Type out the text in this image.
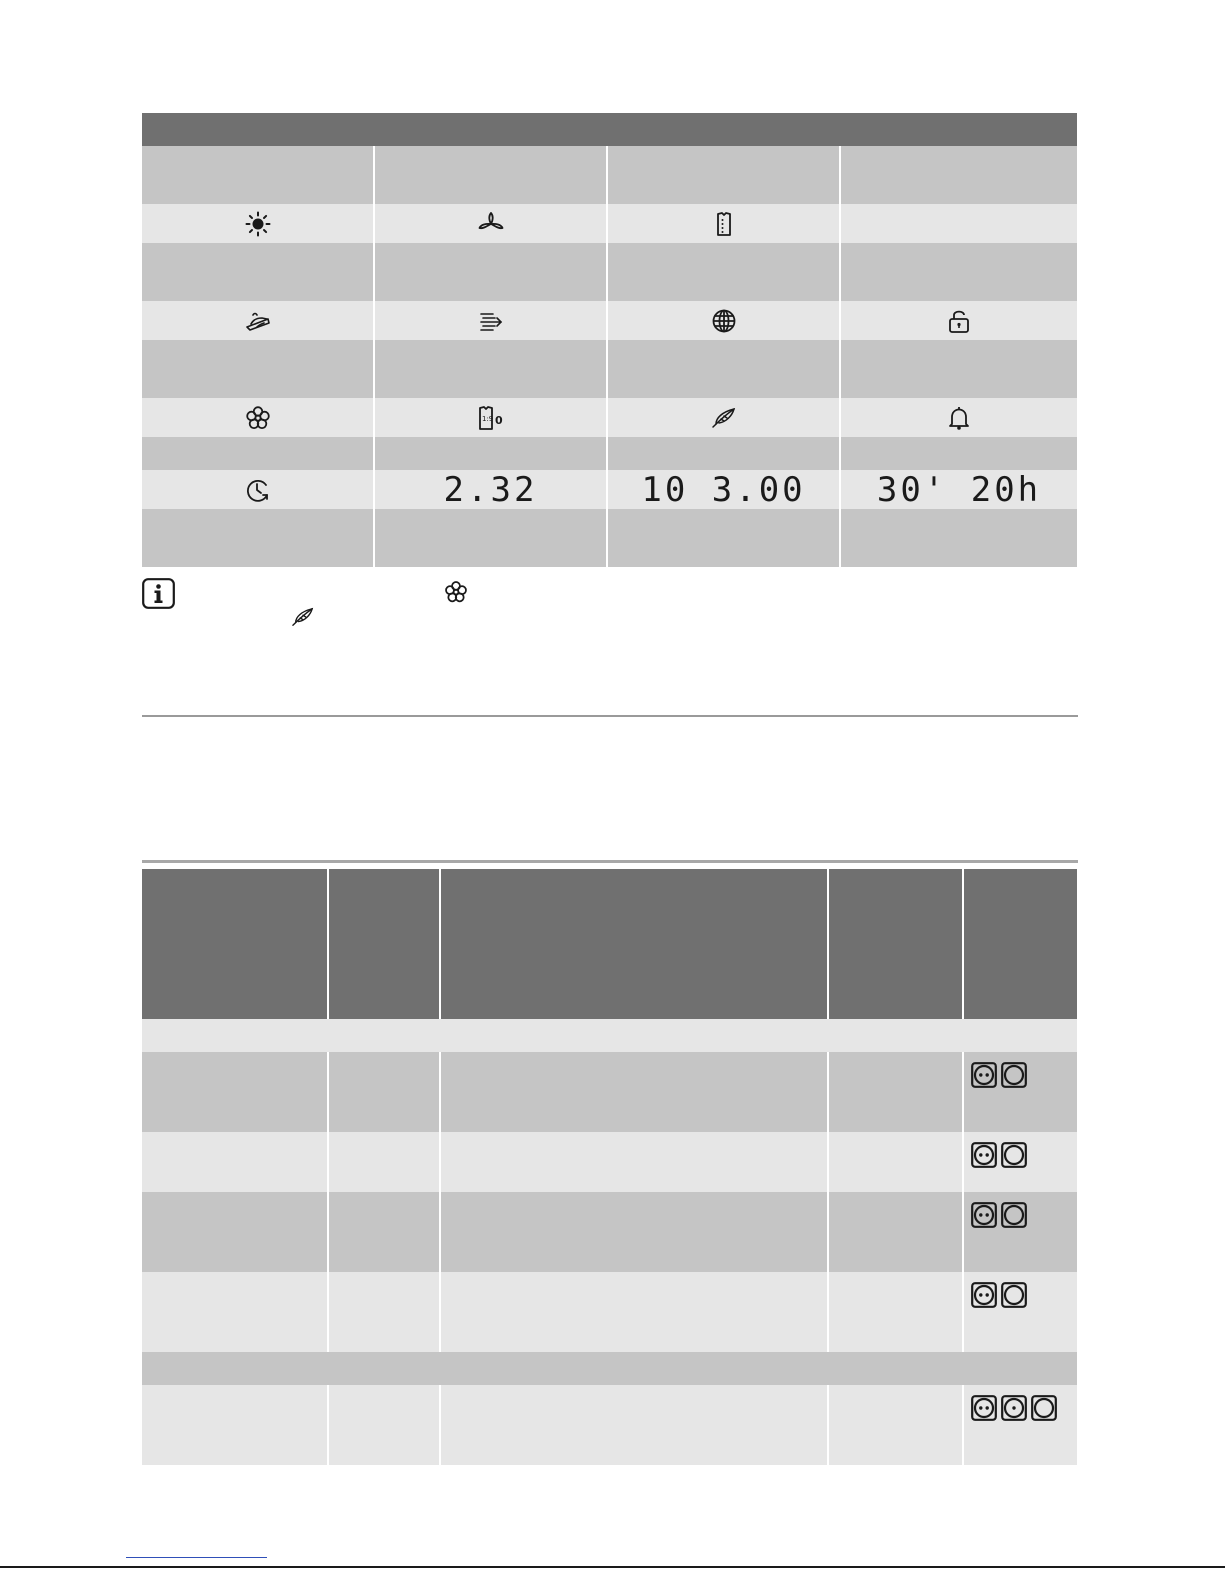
1:9 0
2.32	10 3.00 30' 20h
